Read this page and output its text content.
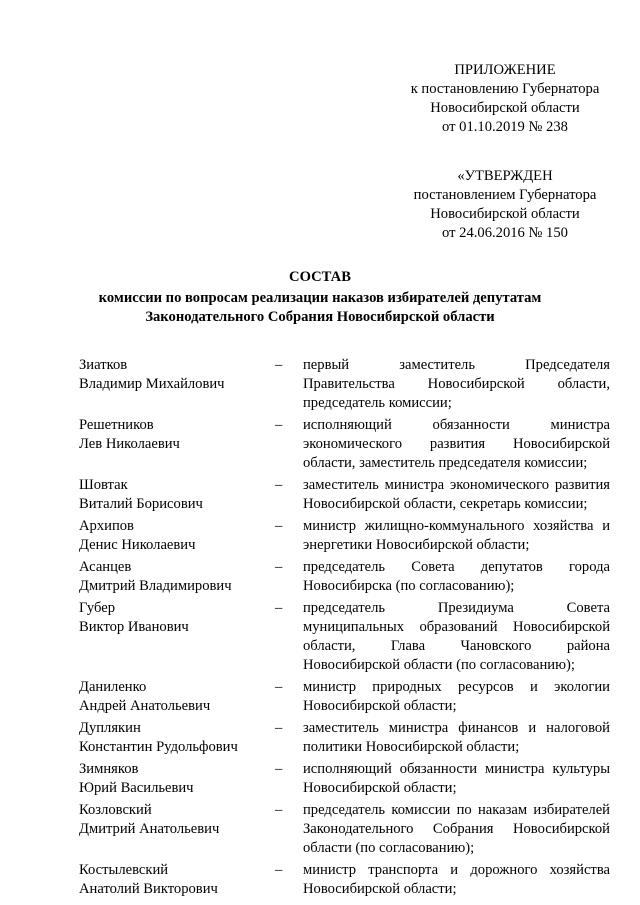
ПРИЛОЖЕНИЕ
к постановлению Губернатора
Новосибирской области
от 01.10.2019 № 238
«УТВЕРЖДЕН
постановлением Губернатора
Новосибирской области
от 24.06.2016 № 150
СОСТАВ
комиссии по вопросам реализации наказов избирателей депутатам
Законодательного Собрания Новосибирской области
Зиатков
Владимир Михайлович
–	первый заместитель Председателя Правительства Новосибирской области, председатель комиссии;
Решетников
Лев Николаевич
–	исполняющий обязанности министра экономического развития Новосибирской области, заместитель председателя комиссии;
Шовтак
Виталий Борисович
–	заместитель министра экономического развития Новосибирской области, секретарь комиссии;
Архипов
Денис Николаевич
–	министр жилищно-коммунального хозяйства и энергетики Новосибирской области;
Асанцев
Дмитрий Владимирович
–	председатель Совета депутатов города Новосибирска (по согласованию);
Губер
Виктор Иванович
–	председатель Президиума Совета муниципальных образований Новосибирской области, Глава Чановского района Новосибирской области (по согласованию);
Даниленко
Андрей Анатольевич
–	министр природных ресурсов и экологии Новосибирской области;
Дуплякин
Константин Рудольфович
–	заместитель министра финансов и налоговой политики Новосибирской области;
Зимняков
Юрий Васильевич
–	исполняющий обязанности министра культуры Новосибирской области;
Козловский
Дмитрий Анатольевич
–	председатель комиссии по наказам избирателей Законодательного Собрания Новосибирской области (по согласованию);
Костылевский
Анатолий Викторович
–	министр транспорта и дорожного хозяйства Новосибирской области;
